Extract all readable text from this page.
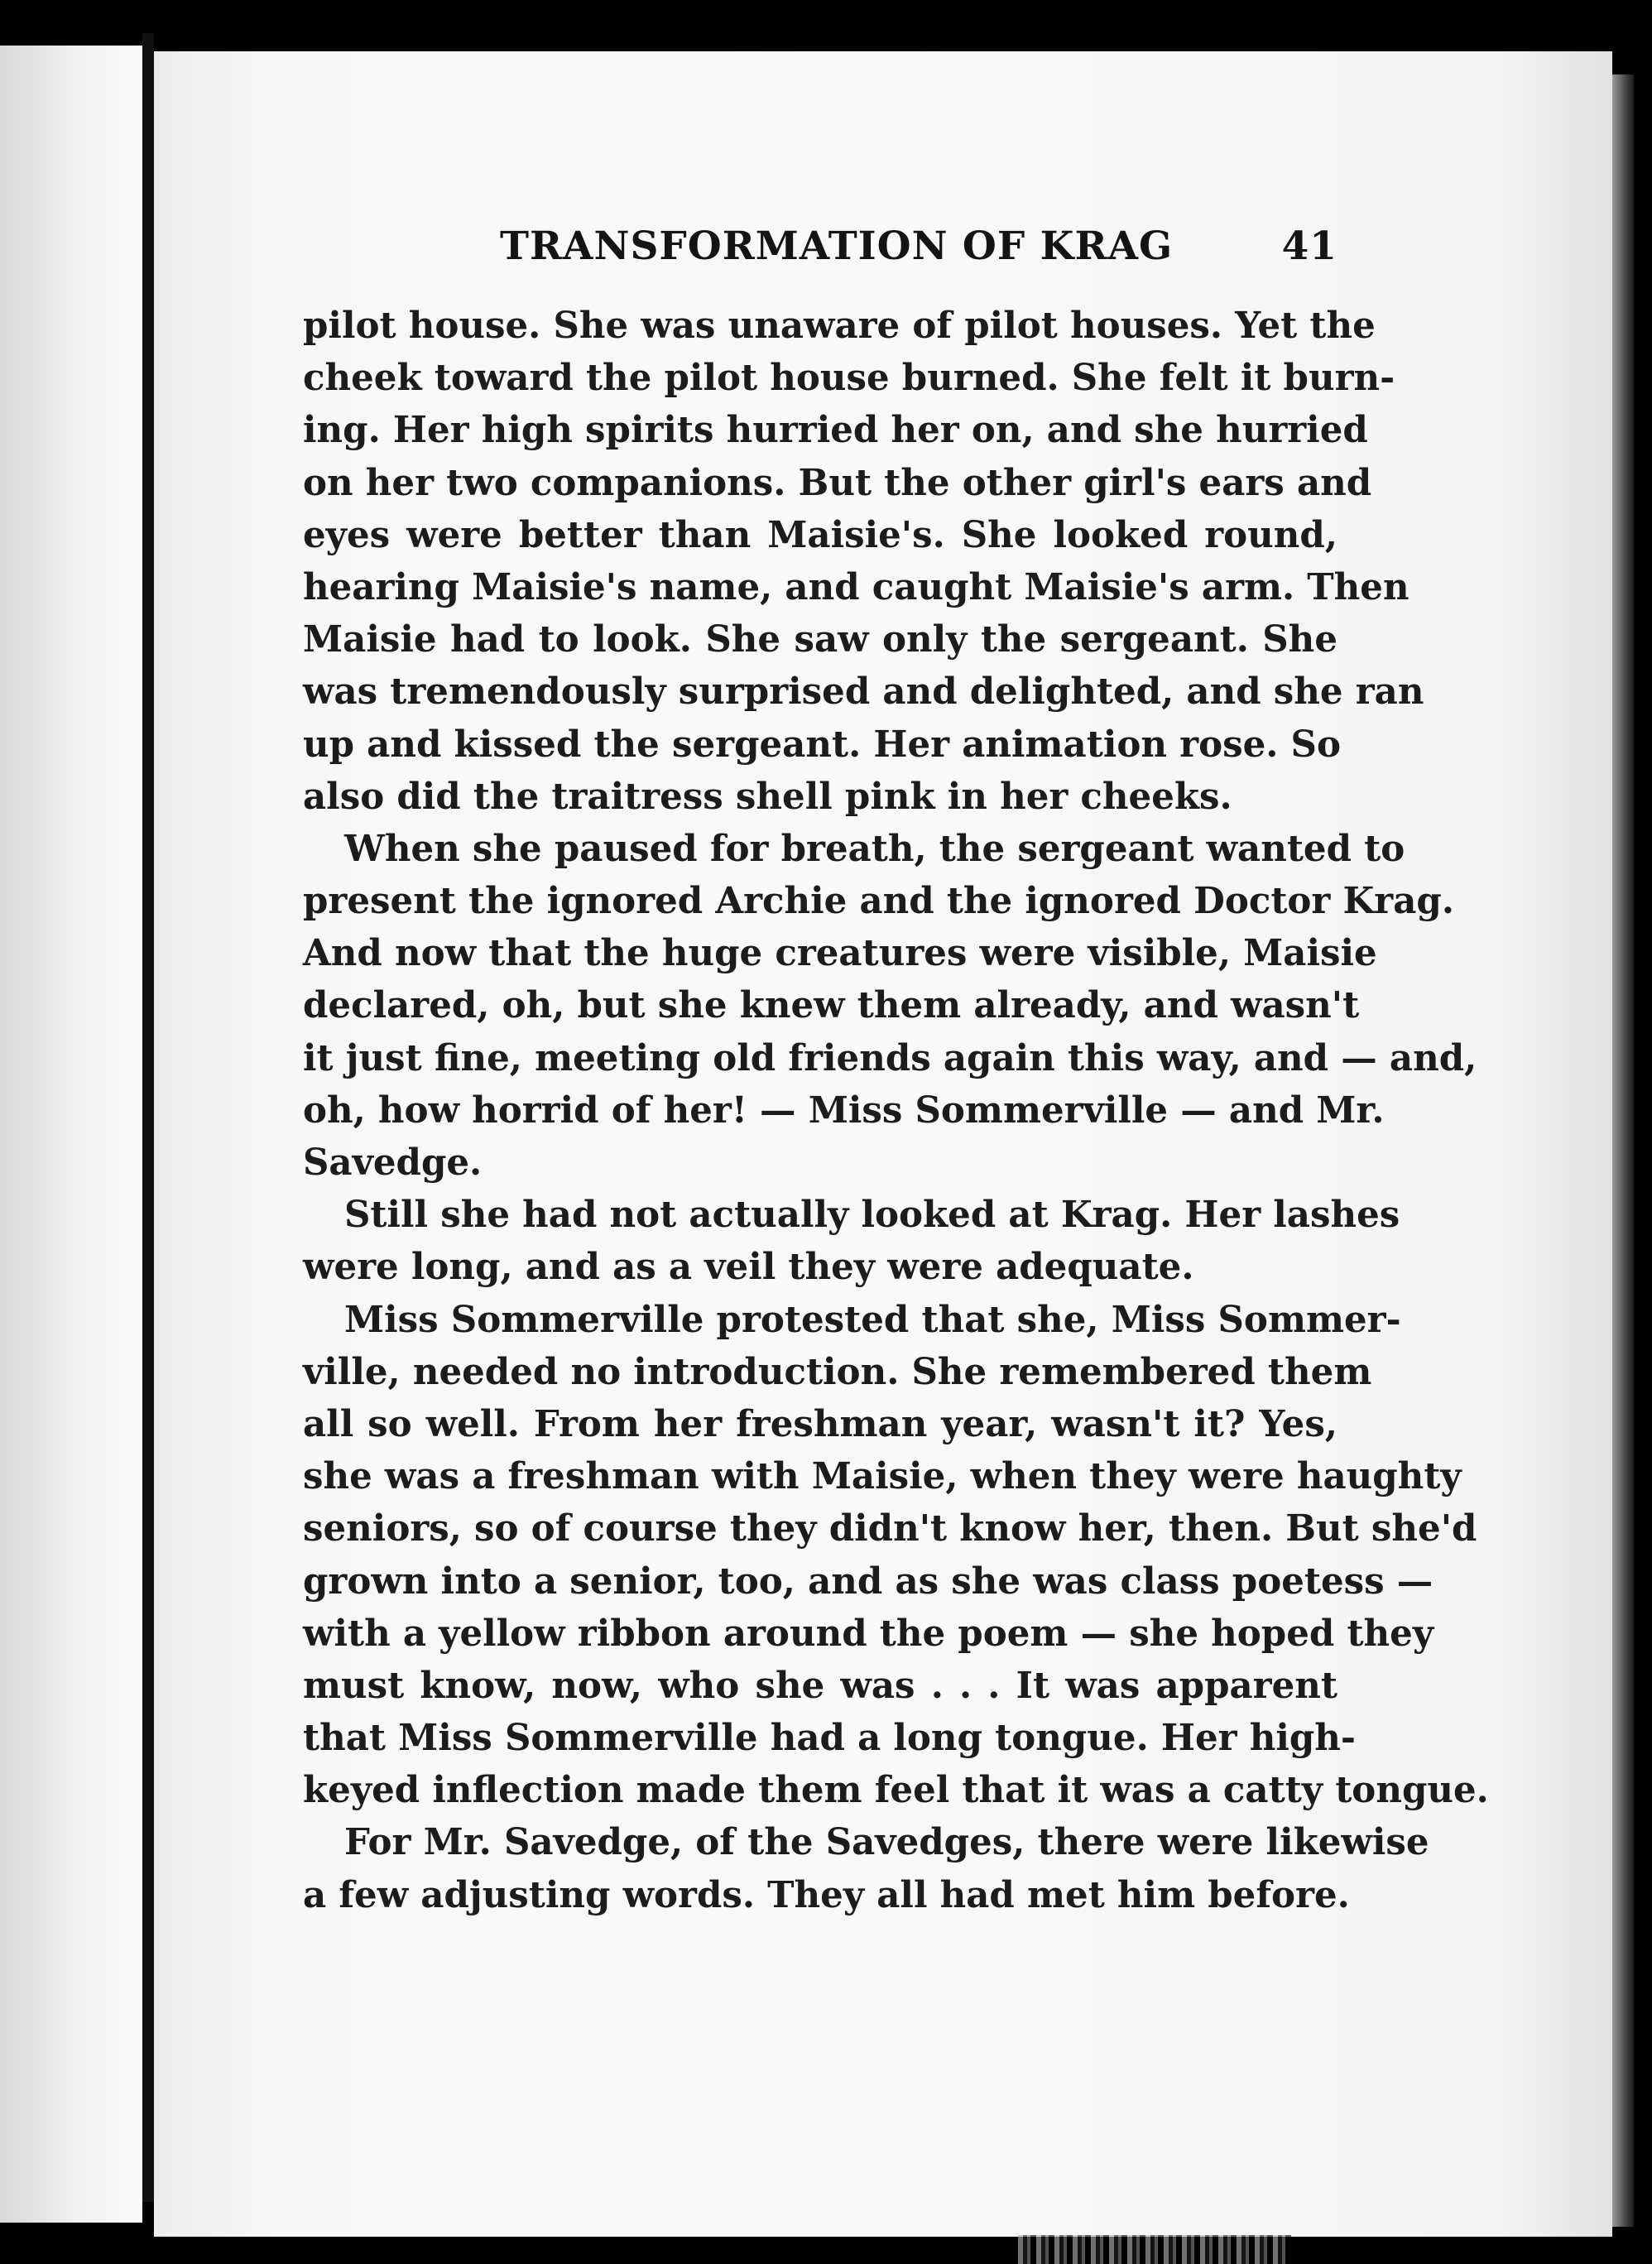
TRANSFORMATION OF KRAG	41
pilot house. She was unaware of pilot houses. Yet the
cheek toward the pilot house burned. She felt it burn-
ing. Her high spirits hurried her on, and she hurried
on her two companions. But the other girl's ears and
eyes were better than Maisie's. She looked round,
hearing Maisie's name, and caught Maisie's arm. Then
Maisie had to look. She saw only the sergeant. She
was tremendously surprised and delighted, and she ran
up and kissed the sergeant. Her animation rose. So
also did the traitress shell pink in her cheeks.
When she paused for breath, the sergeant wanted to
present the ignored Archie and the ignored Doctor Krag.
And now that the huge creatures were visible, Maisie
declared, oh, but she knew them already, and wasn't
it just fine, meeting old friends again this way, and — and,
oh, how horrid of her! — Miss Sommerville — and Mr.
Savedge.
Still she had not actually looked at Krag. Her lashes
were long, and as a veil they were adequate.
Miss Sommerville protested that she, Miss Sommer-
ville, needed no introduction. She remembered them
all so well. From her freshman year, wasn't it? Yes,
she was a freshman with Maisie, when they were haughty
seniors, so of course they didn't know her, then. But she'd
grown into a senior, too, and as she was class poetess —
with a yellow ribbon around the poem — she hoped they
must know, now, who she was . . . It was apparent
that Miss Sommerville had a long tongue. Her high-
keyed inflection made them feel that it was a catty tongue.
For Mr. Savedge, of the Savedges, there were likewise
a few adjusting words. They all had met him before.
